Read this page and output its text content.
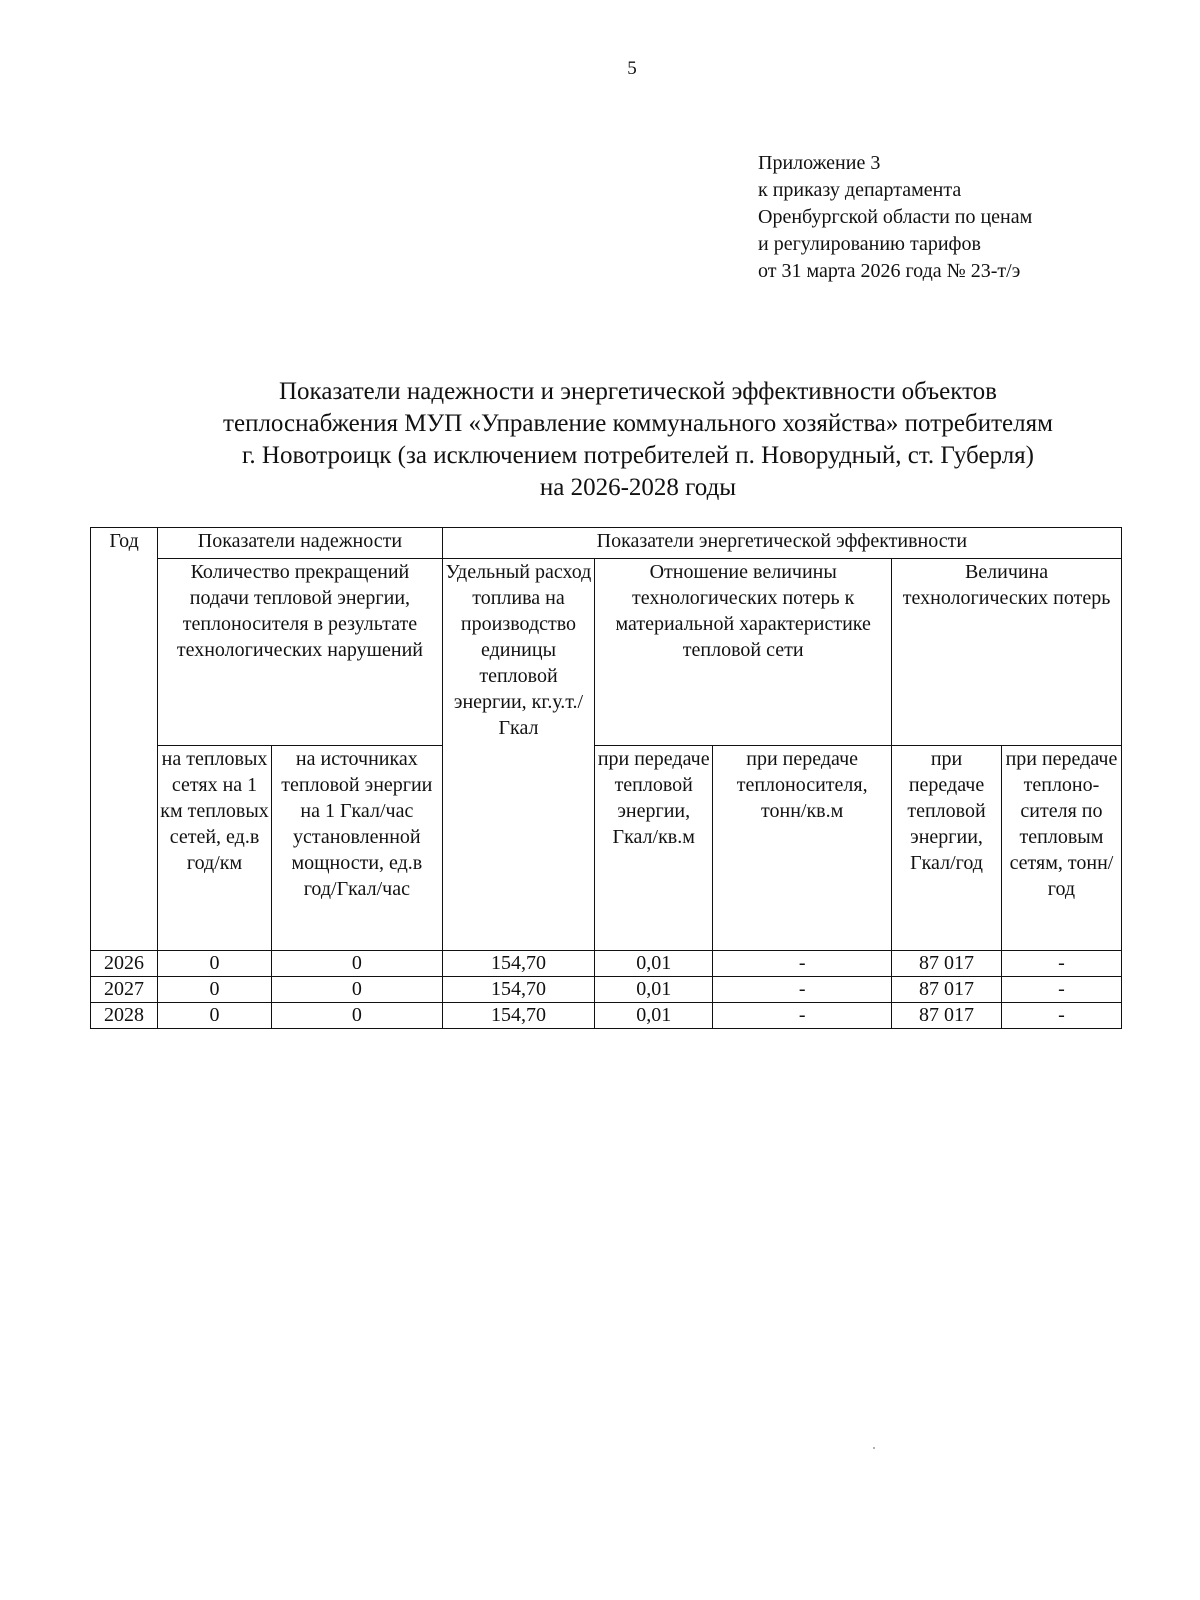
5
Приложение 3
к приказу департамента
Оренбургской области по ценам
и регулированию тарифов
от 31 марта 2026 года № 23-т/э
Показатели надежности и энергетической эффективности объектов
теплоснабжения МУП «Управление коммунального хозяйства» потребителям
г. Новотроицк (за исключением потребителей п. Новорудный, ст. Губерля)
на 2026-2028 годы
Год	Показатели надежности		Показатели энергетической эффективности				
	Количество прекращений подачи тепловой энергии, теплоносителя в результате технологических нарушений		Удельный расход топлива на производство единицы тепловой энергии, кг.у.т./Гкал	Отношение величины технологических потерь к материальной характеристике тепловой сети		Величина технологических потерь	
	на тепловых сетях на 1 км тепловых сетей, ед.в год/км	на источниках тепловой энергии на 1 Гкал/час установленной мощности, ед.в год/Гкал/час		при передаче тепловой энергии, Гкал/кв.м	при передаче теплоносителя, тонн/кв.м	при передаче тепловой энергии, Гкал/год	при передаче теплоно-сителя по тепловым сетям, тонн/год
2026	0	0	154,70	0,01	-	87 017	-
2027	0	0	154,70	0,01	-	87 017	-
2028	0	0	154,70	0,01	-	87 017	-
